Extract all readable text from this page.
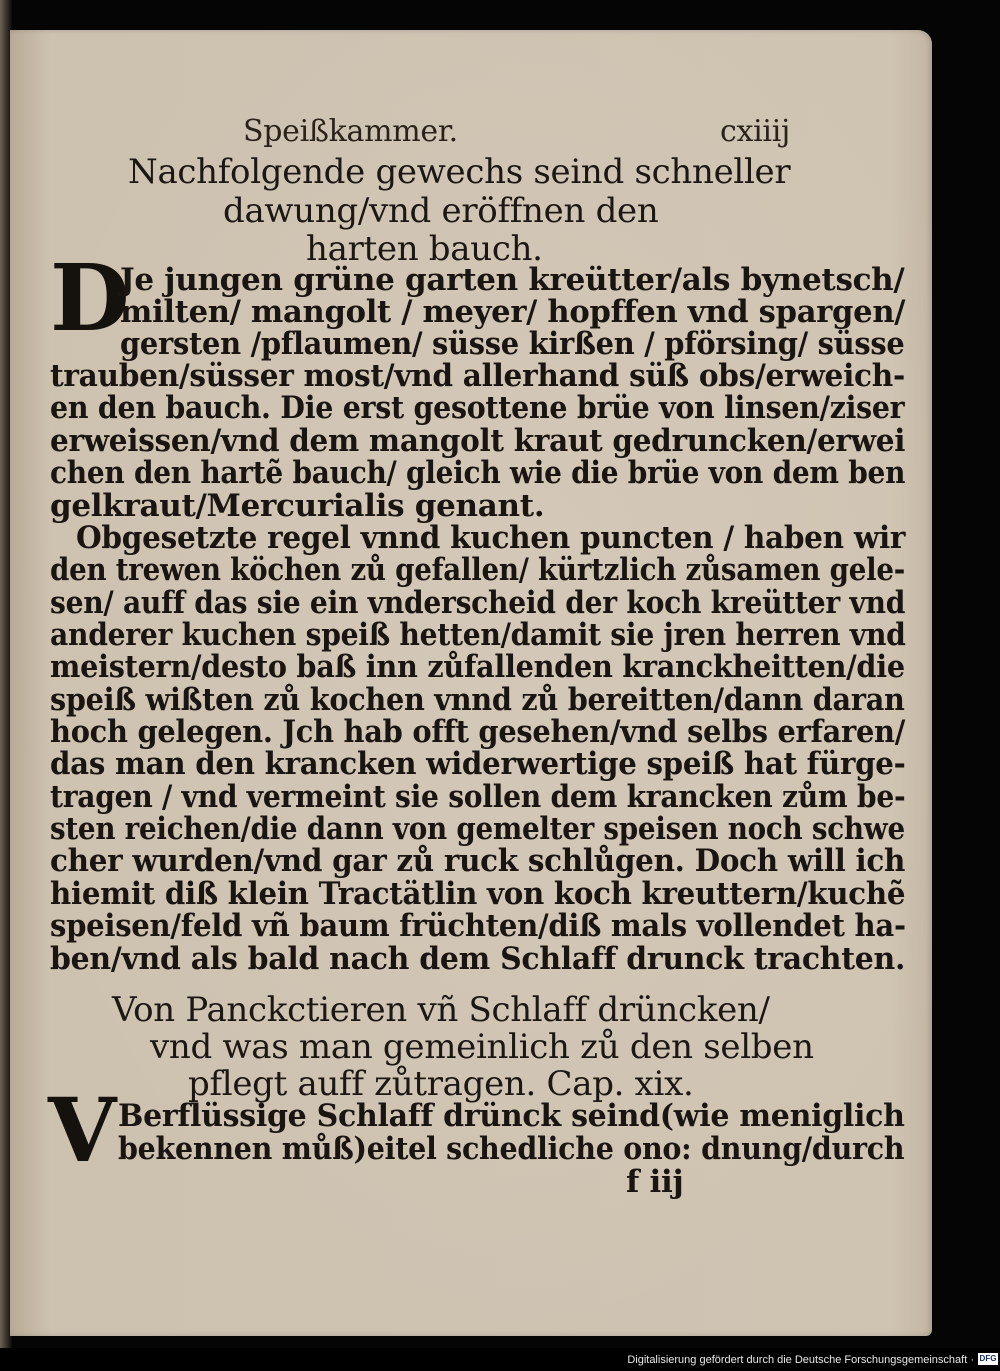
Speißkammer.	cxiiij
Nachfolgende gewechs seind schneller
dawung/vnd eröffnen den
harten bauch.
D
Je jungen grüne garten kreütter/als bynetsch/
milten/ mangolt / meyer/ hopffen vnd spargen/
gersten /pflaumen/ süsse kirßen / pförsing/ süsse
trauben/süsser most/vnd allerhand süß obs/erweich-
en den bauch. Die erst gesottene brüe von linsen/ziser
erweissen/vnd dem mangolt kraut gedruncken/erwei
chen den hartẽ bauch/ gleich wie die brüe von dem ben
gelkraut/Mercurialis genant.
Obgesetzte regel vnnd kuchen puncten / haben wir
den trewen köchen zů gefallen/ kürtzlich zůsamen gele-
sen/ auff das sie ein vnderscheid der koch kreütter vnd
anderer kuchen speiß hetten/damit sie jren herren vnd
meistern/desto baß inn zůfallenden kranckheitten/die
speiß wißten zů kochen vnnd zů bereitten/dann daran
hoch gelegen. Jch hab offt gesehen/vnd selbs erfaren/
das man den krancken widerwertige speiß hat fürge-
tragen / vnd vermeint sie sollen dem krancken zům be-
sten reichen/die dann von gemelter speisen noch schwe
cher wurden/vnd gar zů ruck schlůgen. Doch will ich
hiemit diß klein Tractätlin von koch kreuttern/kuchẽ
speisen/feld vñ baum früchten/diß mals vollendet ha-
ben/vnd als bald nach dem Schlaff drunck trachten.
Von Panckctieren vñ Schlaff drüncken/
vnd was man gemeinlich zů den selben
pflegt auff zůtragen. Cap. xix.
V Berflüssige Schlaff drünck seind(wie meniglich
bekennen můß)eitel schedliche ono: dnung/durch
f iij
Digitalisierung gefördert durch die Deutsche Forschungsgemeinschaft · DFG
